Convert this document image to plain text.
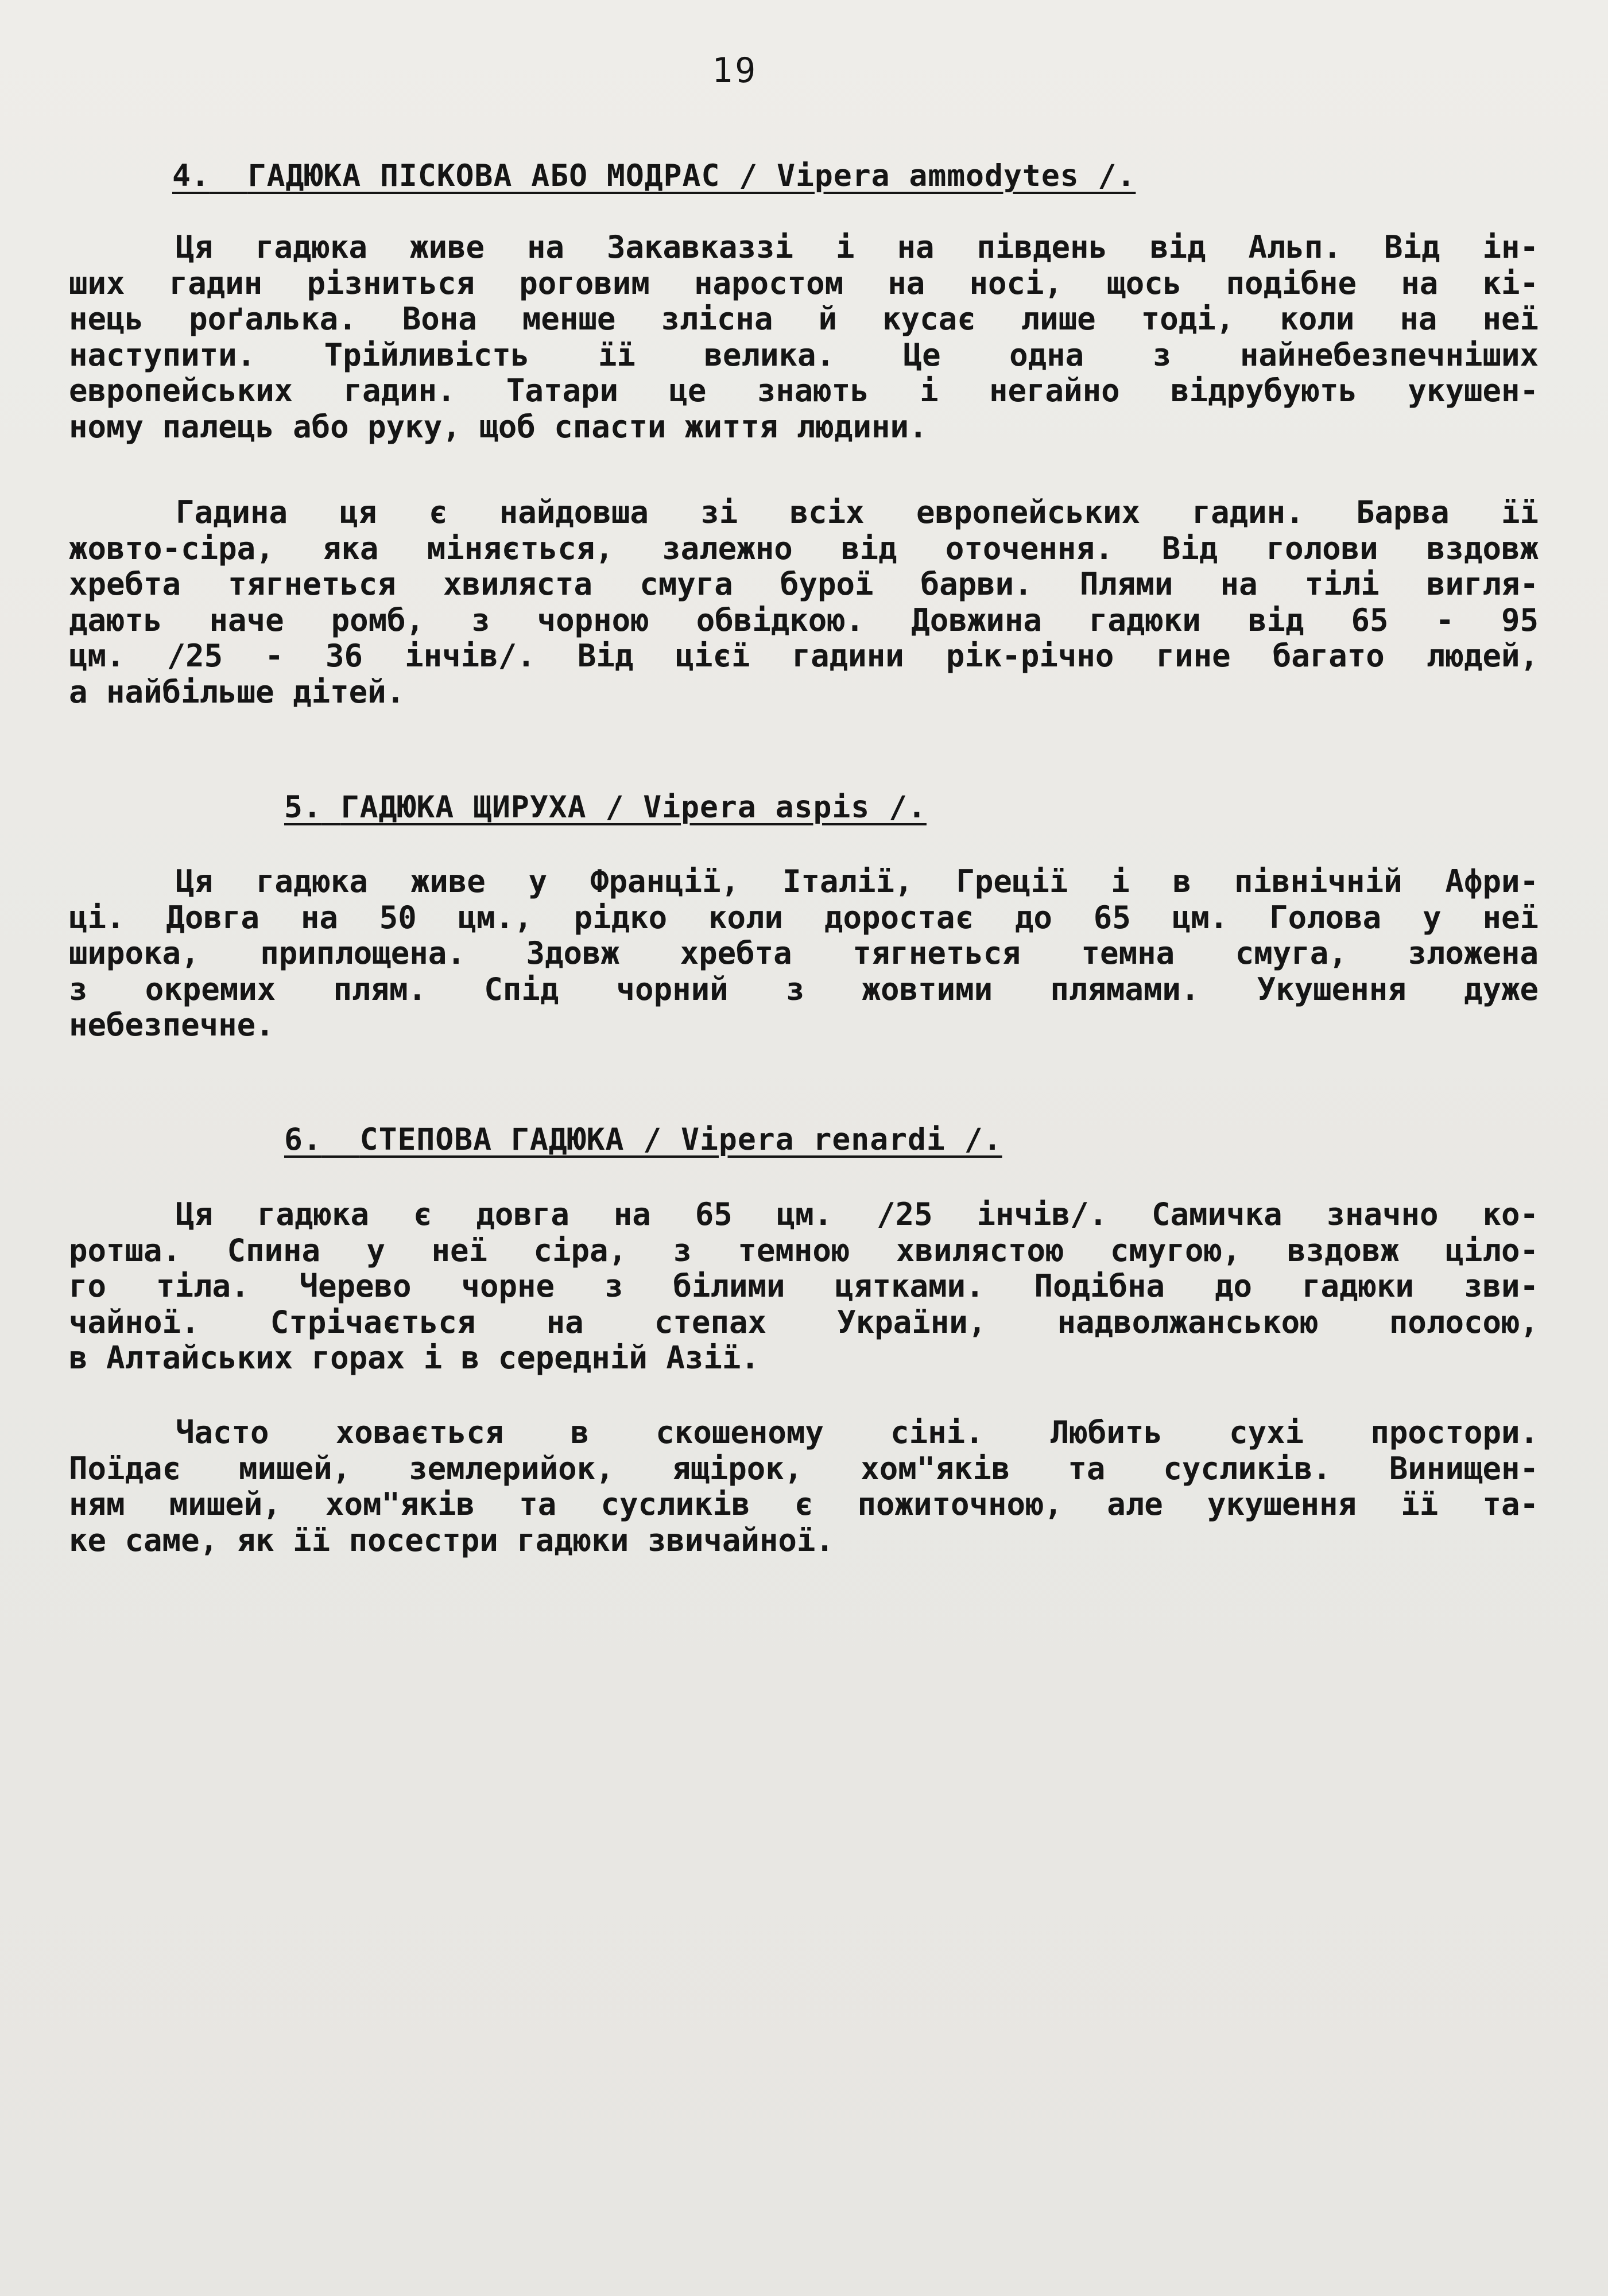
19
4. ГАДЮКА ПІСКОВА АБО МОДРАС / Vipera ammodytes /.

Ця гадюка живе на Закавказзі і на південь від Альп. Від ін-

ших гадин різниться роговим наростом на носі, щось подібне на кі-

нець роґалька. Вона менше злісна й кусає лише тоді, коли на неї

наступити. Трійливість її велика. Це одна з найнебезпечніших

европейських гадин. Татари це знають і негайно відрубують укушен-

ному палець або руку, щоб спасти життя людини.

Гадина ця є найдовша зі всіх европейських гадин. Барва її

жовто-сіра, яка міняється, залежно від оточення. Від голови вздовж

хребта тягнеться хвиляста смуга бурої барви. Плями на тілі вигля-

дають наче ромб, з чорною обвідкою. Довжина гадюки від 65 - 95

цм. /25 - 36 інчів/. Від цієї гадини рік-річно гине багато людей,

а найбільше дітей.

5. ГАДЮКА ЩИРУХА / Vipera aspis /.

Ця гадюка живе у Франції, Італії, Греції і в північній Афри-

ці. Довга на 50 цм., рідко коли доростає до 65 цм. Голова у неї

широка, приплощена. Здовж хребта тягнеться темна смуга, зложена

з окремих плям. Спід чорний з жовтими плямами. Укушення дуже

небезпечне.

6. СТЕПОВА ГАДЮКА / Vipera renardi /.

Ця гадюка є довга на 65 цм. /25 інчів/. Самичка значно ко-

ротша. Спина у неї сіра, з темною хвилястою смугою, вздовж ціло-

го тіла. Черево чорне з білими цятками. Подібна до гадюки зви-

чайної. Стрічається на степах України, надволжанською полосою,

в Алтайських горах і в середній Азії.

Часто ховається в скошеному сіні. Любить сухі простори.

Поїдає мишей, землерийок, ящірок, хом"яків та сусликів. Винищен-

ням мишей, хом"яків та сусликів є пожиточною, але укушення її та-

ке саме, як її посестри гадюки звичайної.
